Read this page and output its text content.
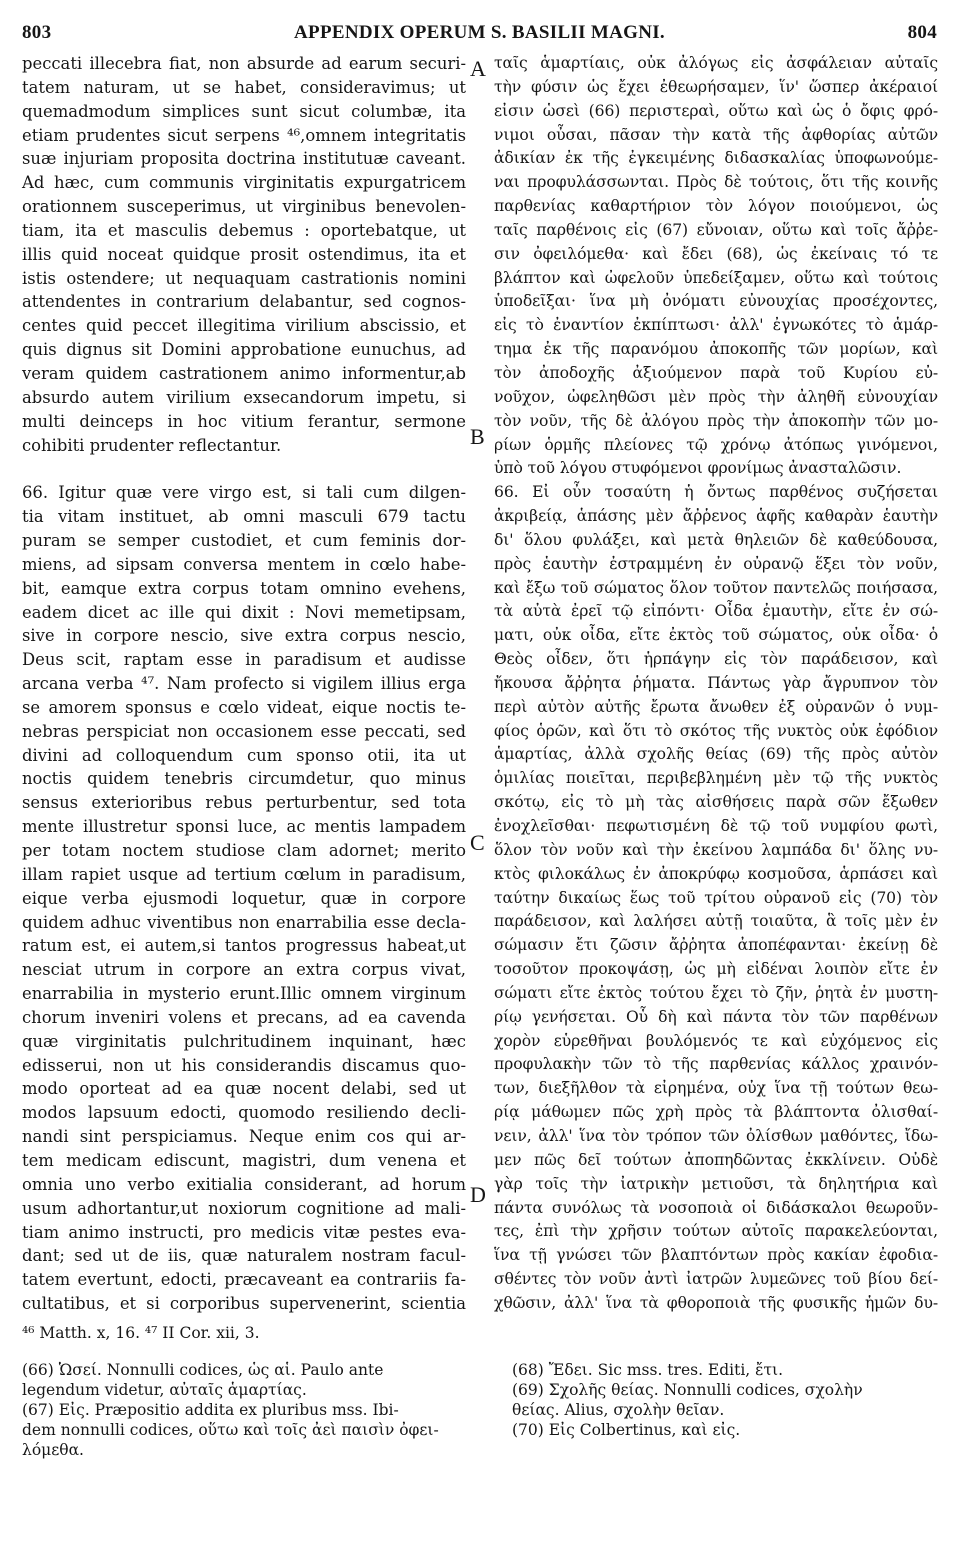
803	APPENDIX OPERUM S. BASILII MAGNI.	804
peccati illecebra fiat, non absurde ad earum securi-
tatem naturam, ut se habet, consideravimus; ut
quemadmodum simplices sunt sicut columbæ, ita
etiam prudentes sicut serpens ⁴⁶,omnem integritatis
suæ injuriam proposita doctrina institutuæ caveant.
Ad hæc, cum communis virginitatis expurgatricem
orationnem susceperimus, ut virginibus benevolen-
tiam, ita et masculis debemus : oportebatque, ut
illis quid noceat quidque prosit ostendimus, ita et
istis ostendere; ut nequaquam castrationis nomini
attendentes in contrarium delabantur, sed cognos-
centes quid peccet illegitima virilium abscissio, et
quis dignus sit Domini approbatione eunuchus, ad
veram quidem castrationem animo informentur,ab
absurdo autem virilium exsecandorum impetu, si
multi deinceps in hoc vitium ferantur, sermone
cohibiti prudenter reflectantur.
66. Igitur quæ vere virgo est, si tali cum dilgen-
tia vitam instituet, ab omni masculi 679 tactu
puram se semper custodiet, et cum feminis dor-
miens, ad sipsam conversa mentem in cœlo habe-
bit, eamque extra corpus totam omnino evehens,
eadem dicet ac ille qui dixit : Novi memetipsam,
sive in corpore nescio, sive extra corpus nescio,
Deus scit, raptam esse in paradisum et audisse
arcana verba ⁴⁷. Nam profecto si vigilem illius erga
se amorem sponsus e cœlo videat, eique noctis te-
nebras perspiciat non occasionem esse peccati, sed
divini ad colloquendum cum sponso otii, ita ut
noctis quidem tenebris circumdetur, quo minus
sensus exterioribus rebus perturbentur, sed tota
mente illustretur sponsi luce, ac mentis lampadem
per totam noctem studiose clam adornet; merito
illam rapiet usque ad tertium cœlum in paradisum,
eique verba ejusmodi loquetur, quæ in corpore
quidem adhuc viventibus non enarrabilia esse decla-
ratum est, ei autem,si tantos progressus habeat,ut
nesciat utrum in corpore an extra corpus vivat,
enarrabilia in mysterio erunt.Illic omnem virginum
chorum inveniri volens et precans, ad ea cavenda
quæ virginitatis pulchritudinem inquinant, hæc
edisserui, non ut his considerandis discamus quo-
modo oporteat ad ea quæ nocent delabi, sed ut
modos lapsuum edocti, quomodo resiliendo decli-
nandi sint perspiciamus. Neque enim cos qui ar-
tem medicam ediscunt, magistri, dum venena et
omnia uno verbo exitialia considerant, ad horum
usum adhortantur,ut noxiorum cognitione ad mali-
tiam animo instructi, pro medicis vitæ pestes eva-
dant; sed ut de iis, quæ naturalem nostram facul-
tatem evertunt, edocti, præcaveant ea contrariis fa-
cultatibus, et si corporibus supervenerint, scientia
A
B
C
D
ταῖς ἁμαρτίαις, οὐκ ἀλόγως εἰς ἀσφάλειαν αὐταῖς
τὴν φύσιν ὡς ἔχει ἐθεωρήσαμεν, ἵν' ὥσπερ ἀκέραιοί
εἰσιν ὡσεὶ (66) περιστεραὶ, οὕτω καὶ ὡς ὁ ὄφις φρό-
νιμοι οὖσαι, πᾶσαν τὴν κατὰ τῆς ἀφθορίας αὐτῶν
ἀδικίαν ἐκ τῆς ἐγκειμένης διδασκαλίας ὑποφωνούμε-
ναι προφυλάσσωνται. Πρὸς δὲ τούτοις, ὅτι τῆς κοινῆς
παρθενίας καθαρτήριον τὸν λόγον ποιούμενοι, ὡς
ταῖς παρθένοις εἰς (67) εὔνοιαν, οὕτω καὶ τοῖς ἄῤῥε-
σιν ὀφειλόμεθα· καὶ ἔδει (68), ὡς ἐκείναις τό τε
βλάπτον καὶ ὠφελοῦν ὑπεδείξαμεν, οὕτω καὶ τούτοις
ὑποδεῖξαι· ἵνα μὴ ὀνόματι εὐνουχίας προσέχοντες,
εἰς τὸ ἐναντίον ἐκπίπτωσι· ἀλλ' ἐγνωκότες τὸ ἁμάρ-
τημα ἐκ τῆς παρανόμου ἀποκοπῆς τῶν μορίων, καὶ
τὸν ἀποδοχῆς ἀξιούμενον παρὰ τοῦ Κυρίου εὐ-
νοῦχον, ὠφεληθῶσι μὲν πρὸς τὴν ἀληθῆ εὐνουχίαν
τὸν νοῦν, τῆς δὲ ἀλόγου πρὸς τὴν ἀποκοπὴν τῶν μο-
ρίων ὁρμῆς πλείονες τῷ χρόνῳ ἀτόπως γινόμενοι,
ὑπὸ τοῦ λόγου στυφόμενοι φρονίμως ἀνασταλῶσιν.
66. Εἰ οὖν τοσαύτη ἡ ὄντως παρθένος συζήσεται
ἀκριβείᾳ, ἁπάσης μὲν ἄῤῥενος ἁφῆς καθαρὰν ἑαυτὴν
δι' ὅλου φυλάξει, καὶ μετὰ θηλειῶν δὲ καθεύδουσα,
πρὸς ἑαυτὴν ἐστραμμένη ἐν οὐρανῷ ἕξει τὸν νοῦν,
καὶ ἔξω τοῦ σώματος ὅλον τοῦτον παντελῶς ποιήσασα,
τὰ αὐτὰ ἐρεῖ τῷ εἰπόντι· Οἶδα ἐμαυτὴν, εἴτε ἐν σώ-
ματι, οὐκ οἶδα, εἴτε ἐκτὸς τοῦ σώματος, οὐκ οἶδα· ὁ
Θεὸς οἶδεν, ὅτι ἡρπάγην εἰς τὸν παράδεισον, καὶ
ἤκουσα ἄῤῥητα ῥήματα. Πάντως γὰρ ἄγρυπνον τὸν
περὶ αὐτὸν αὐτῆς ἔρωτα ἄνωθεν ἐξ οὐρανῶν ὁ νυμ-
φίος ὁρῶν, καὶ ὅτι τὸ σκότος τῆς νυκτὸς οὐκ ἐφόδιον
ἁμαρτίας, ἀλλὰ σχολῆς θείας (69) τῆς πρὸς αὐτὸν
ὁμιλίας ποιεῖται, περιβεβλημένη μὲν τῷ τῆς νυκτὸς
σκότῳ, εἰς τὸ μὴ τὰς αἰσθήσεις παρὰ σῶν ἔξωθεν
ἐνοχλεῖσθαι· πεφωτισμένη δὲ τῷ τοῦ νυμφίου φωτὶ,
ὅλον τὸν νοῦν καὶ τὴν ἐκείνου λαμπάδα δι' ὅλης νυ-
κτὸς φιλοκάλως ἐν ἀποκρύφῳ κοσμοῦσα, ἁρπάσει καὶ
ταύτην δικαίως ἕως τοῦ τρίτου οὐρανοῦ εἰς (70) τὸν
παράδεισον, καὶ λαλήσει αὐτῇ τοιαῦτα, ἃ τοῖς μὲν ἐν
σώμασιν ἔτι ζῶσιν ἄῤῥητα ἀποπέφανται· ἐκείνῃ δὲ
τοσοῦτον προκοψάσῃ, ὡς μὴ εἰδέναι λοιπὸν εἴτε ἐν
σώματι εἴτε ἐκτὸς τούτου ἔχει τὸ ζῆν, ῥητὰ ἐν μυστη-
ρίῳ γενήσεται. Οὗ δὴ καὶ πάντα τὸν τῶν παρθένων
χορὸν εὑρεθῆναι βουλόμενός τε καὶ εὐχόμενος εἰς
προφυλακὴν τῶν τὸ τῆς παρθενίας κάλλος χραινόν-
των, διεξῆλθον τὰ εἰρημένα, οὐχ ἵνα τῇ τούτων θεω-
ρίᾳ μάθωμεν πῶς χρὴ πρὸς τὰ βλάπτοντα ὀλισθαί-
νειν, ἀλλ' ἵνα τὸν τρόπον τῶν ὀλίσθων μαθόντες, ἴδω-
μεν πῶς δεῖ τούτων ἀποπηδῶντας ἐκκλίνειν. Οὐδὲ
γὰρ τοῖς τὴν ἰατρικὴν μετιοῦσι, τὰ δηλητήρια καὶ
πάντα συνόλως τὰ νοσοποιὰ οἱ διδάσκαλοι θεωροῦν-
τες, ἐπὶ τὴν χρῆσιν τούτων αὐτοῖς παρακελεύονται,
ἵνα τῇ γνώσει τῶν βλαπτόντων πρὸς κακίαν ἐφοδια-
σθέντες τὸν νοῦν ἀντὶ ἰατρῶν λυμεῶνες τοῦ βίου δεί-
χθῶσιν, ἀλλ' ἵνα τὰ φθοροποιὰ τῆς φυσικῆς ἡμῶν δυ-
⁴⁶ Matth. x, 16. ⁴⁷ II Cor. xii, 3.
(66) Ὡσεί. Nonnulli codices, ὡς αἱ. Paulo ante
legendum videtur, αὐταῖς ἁμαρτίας.
(67) Εἰς. Præpositio addita ex pluribus mss. Ibi-
dem nonnulli codices, οὕτω καὶ τοῖς ἀεὶ παισὶν ὀφει-
λόμεθα.
(68) Ἔδει. Sic mss. tres. Editi, ἔτι.
(69) Σχολῆς θείας. Nonnulli codices, σχολὴν
θείας. Alius, σχολὴν θεῖαν.
(70) Εἰς Colbertinus, καὶ εἰς.
